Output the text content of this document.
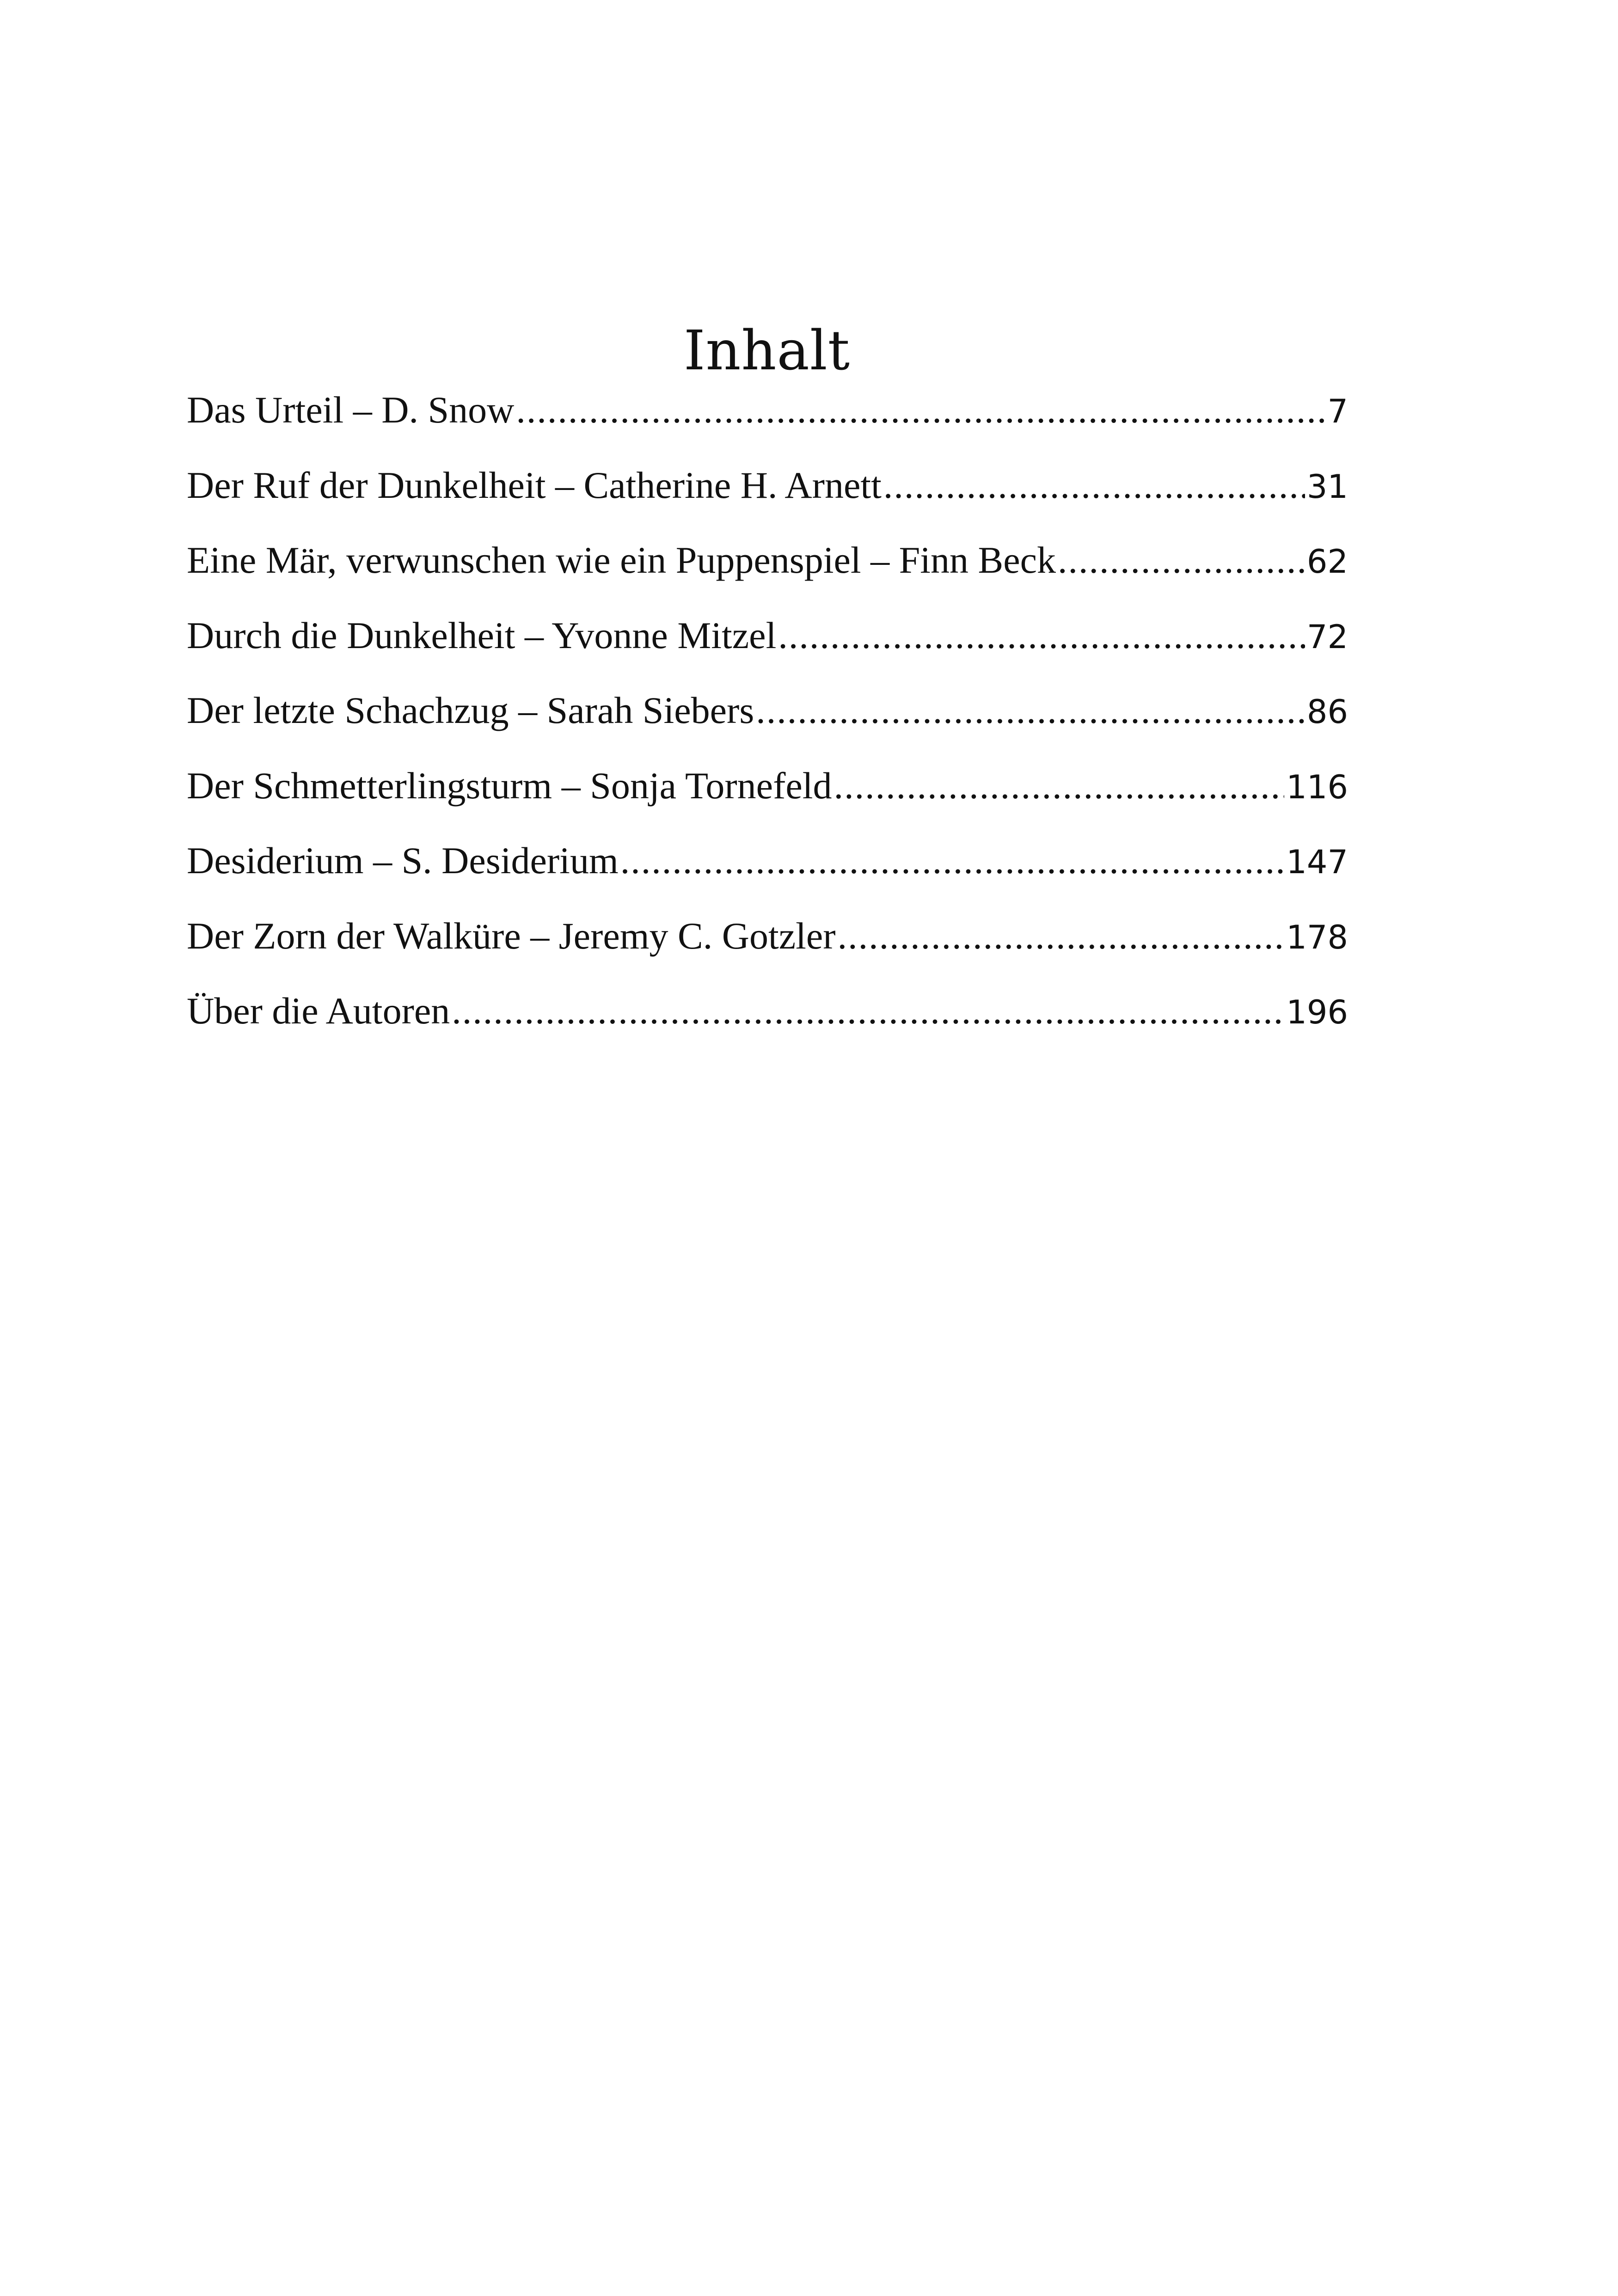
Inhalt
Das Urteil – D. Snow .....	7
Der Ruf der Dunkelheit – Catherine H. Arnett .....	31
Eine Mär, verwunschen wie ein Puppenspiel – Finn Beck .....	62
Durch die Dunkelheit – Yvonne Mitzel .....	72
Der letzte Schachzug – Sarah Siebers .....	86
Der Schmetterlingsturm – Sonja Tornefeld .....	116
Desiderium – S. Desiderium .....	147
Der Zorn der Walküre – Jeremy C. Gotzler .....	178
Über die Autoren .....	196
